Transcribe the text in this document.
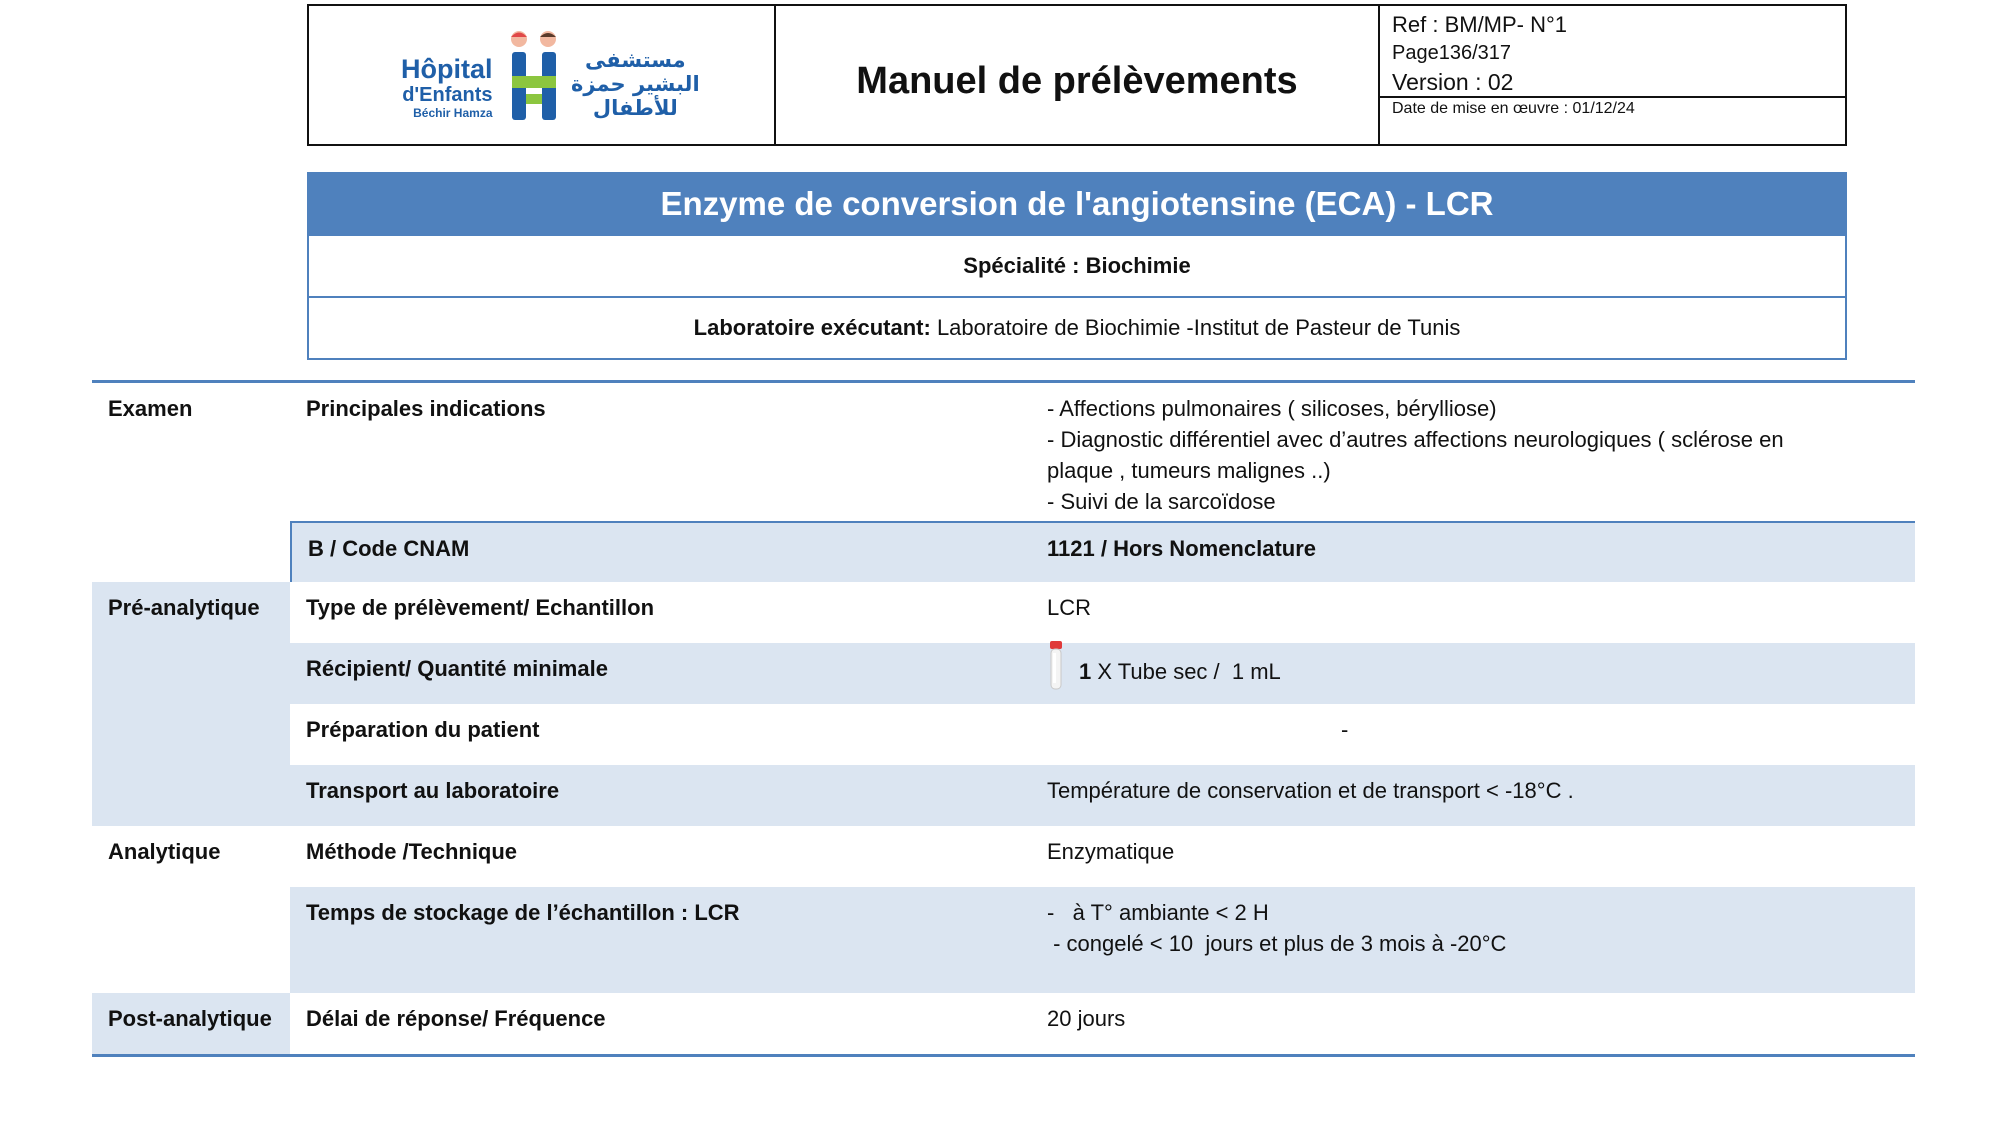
Hôpital
d'Enfants
Béchir Hamza
مستشفى
البشير حمزة
للأطفال
Manuel de prélèvements
Ref : BM/MP- N°1
Page136/317
Version : 02
Date de mise en œuvre : 01/12/24
Enzyme de conversion de l'angiotensine (ECA) - LCR
Spécialité : Biochimie
Laboratoire exécutant: Laboratoire de Biochimie -Institut de Pasteur de Tunis
Examen	Principales indications	- Affections pulmonaires ( silicoses, bérylliose)
- Diagnostic différentiel avec d’autres affections neurologiques ( sclérose en
plaque , tumeurs malignes ..)
- Suivi de la sarcoïdose
B / Code CNAM	1121 / Hors Nomenclature
Pré-analytique	Type de prélèvement/ Echantillon	LCR
Récipient/ Quantité minimale	1 X Tube sec /  1 mL
Préparation du patient	-
Transport au laboratoire	Température de conservation et de transport < -18°C .
Analytique	Méthode /Technique	Enzymatique
Temps de stockage de l’échantillon : LCR	-   à T° ambiante < 2 H
- congelé < 10  jours et plus de 3 mois à -20°C
Post-analytique	Délai de réponse/ Fréquence	20 jours
